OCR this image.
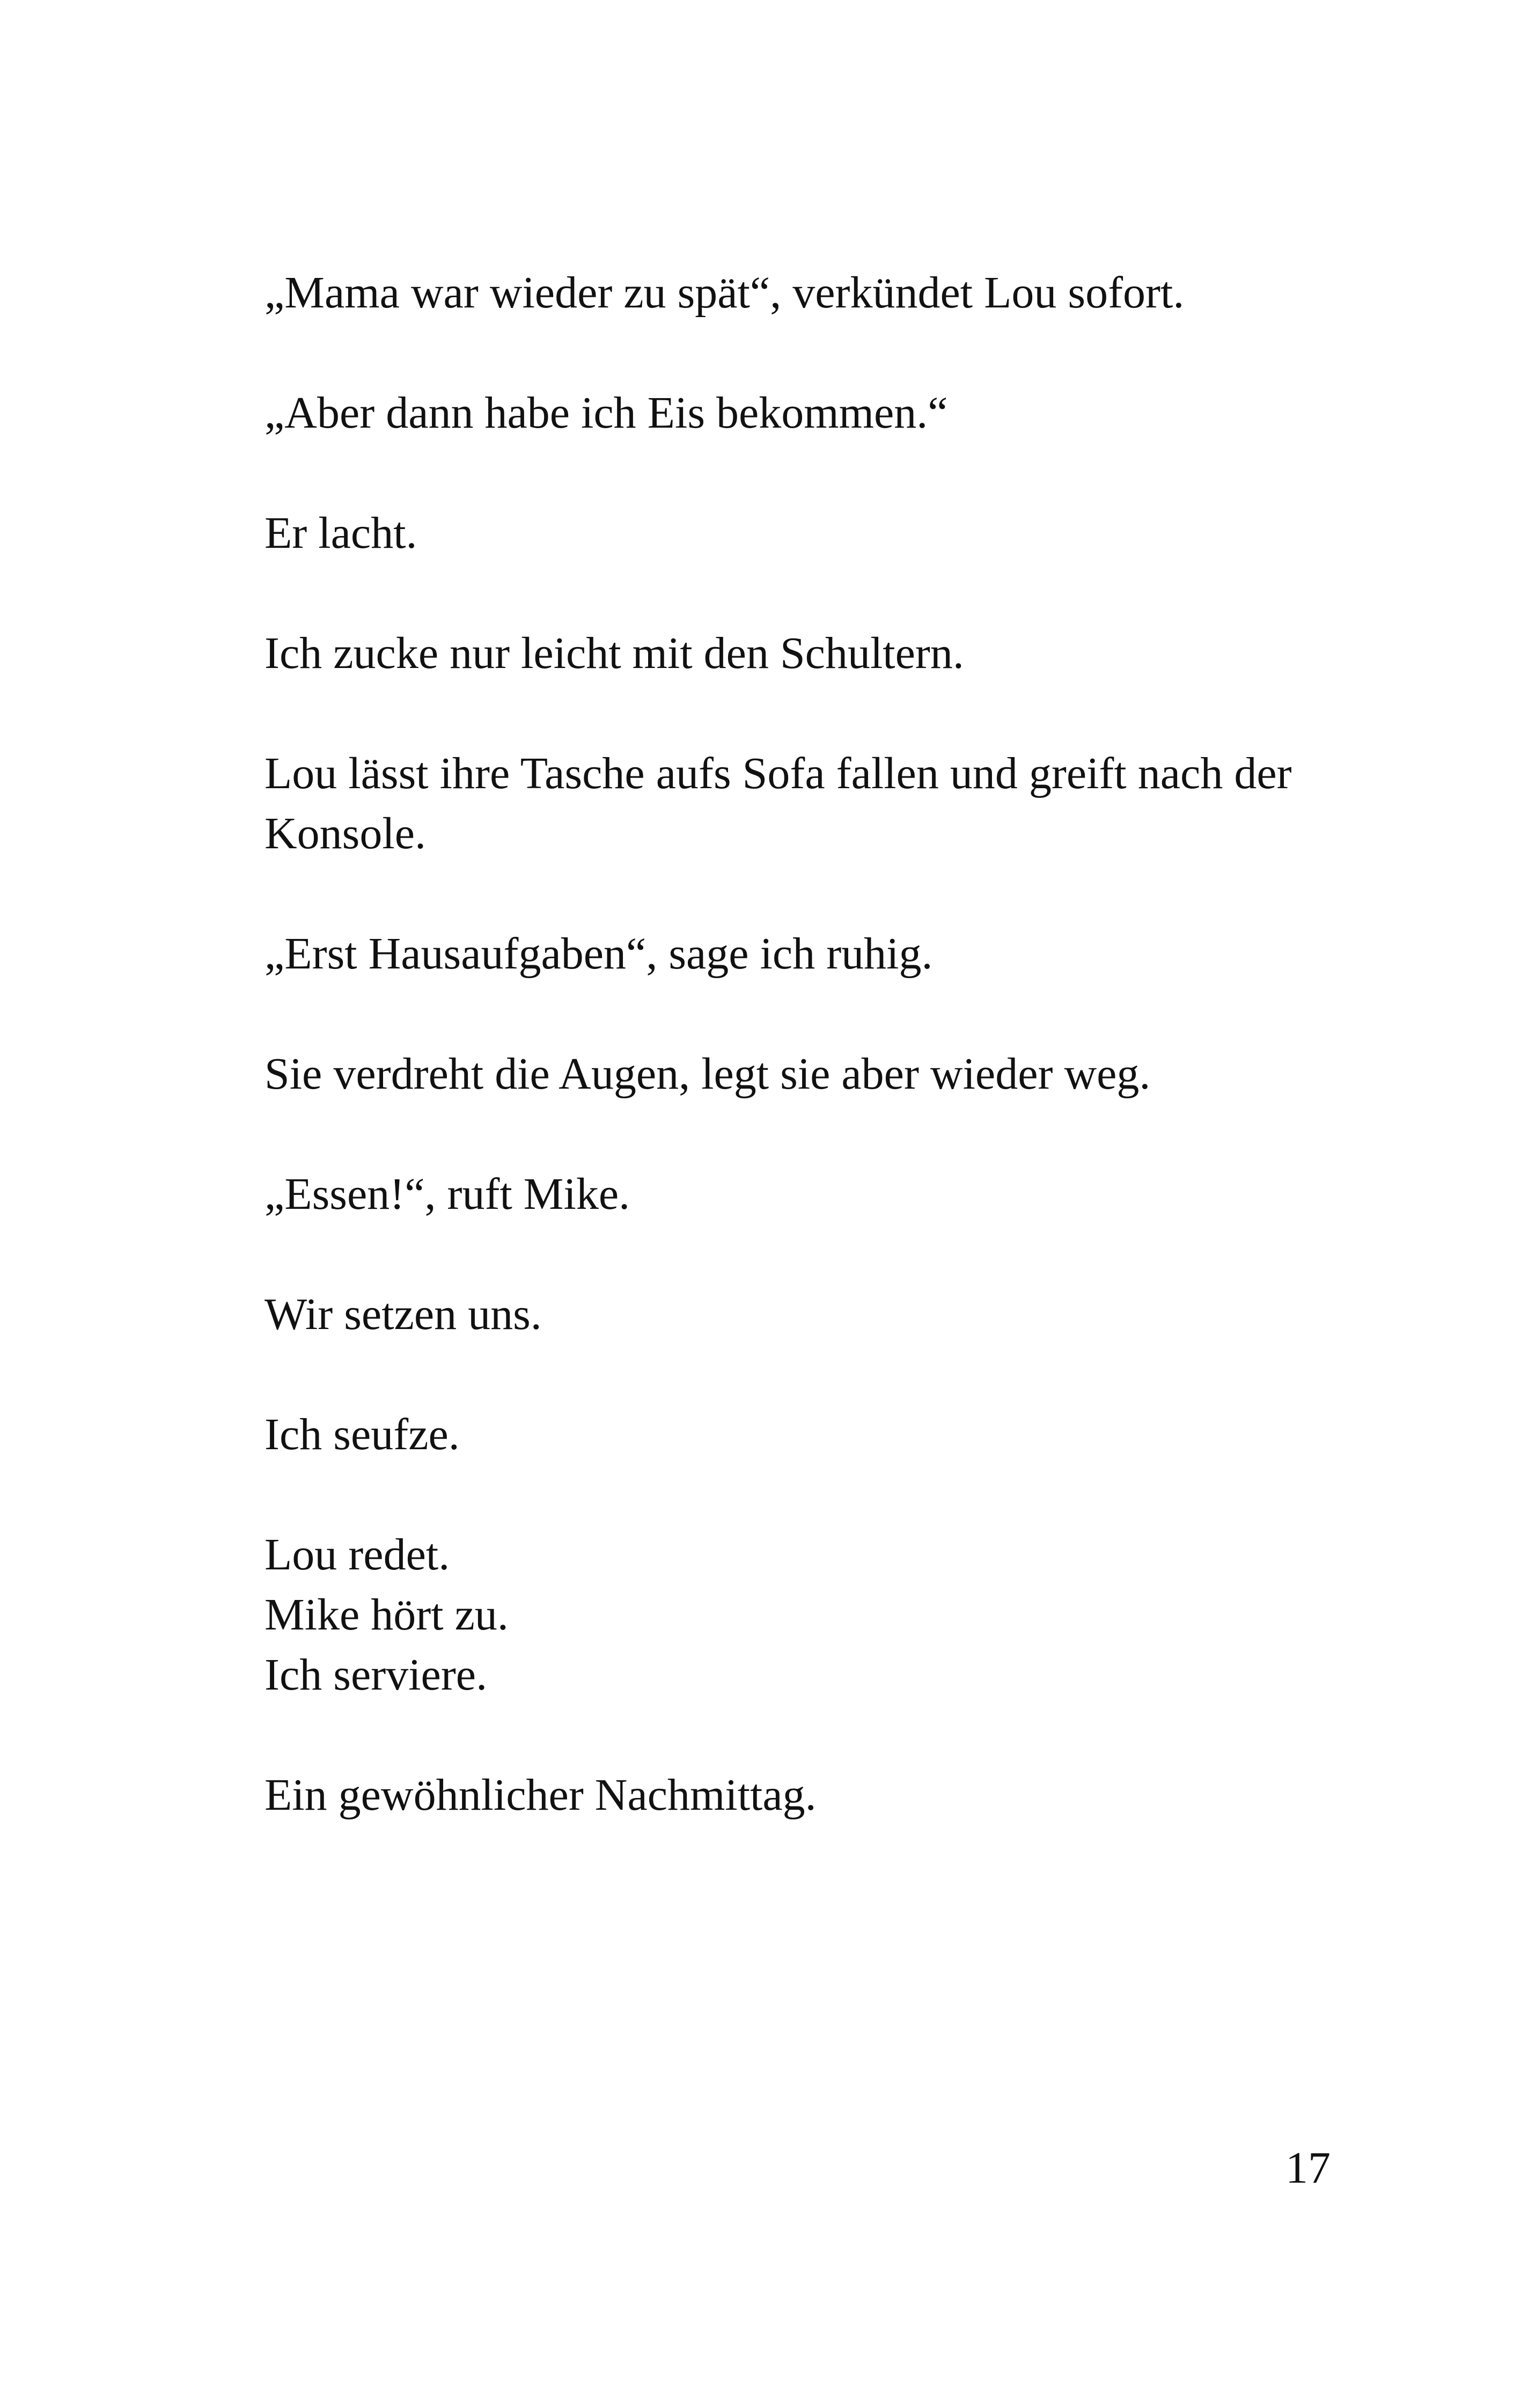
„Mama war wieder zu spät“, verkündet Lou sofort.

„Aber dann habe ich Eis bekommen.“

Er lacht.

Ich zucke nur leicht mit den Schultern.

Lou lässt ihre Tasche aufs Sofa fallen und greift nach der Konsole.

„Erst Hausaufgaben“, sage ich ruhig.

Sie verdreht die Augen, legt sie aber wieder weg.

„Essen!“, ruft Mike.

Wir setzen uns.

Ich seufze.

Lou redet.
Mike hört zu.
Ich serviere.

Ein gewöhnlicher Nachmittag.

17
